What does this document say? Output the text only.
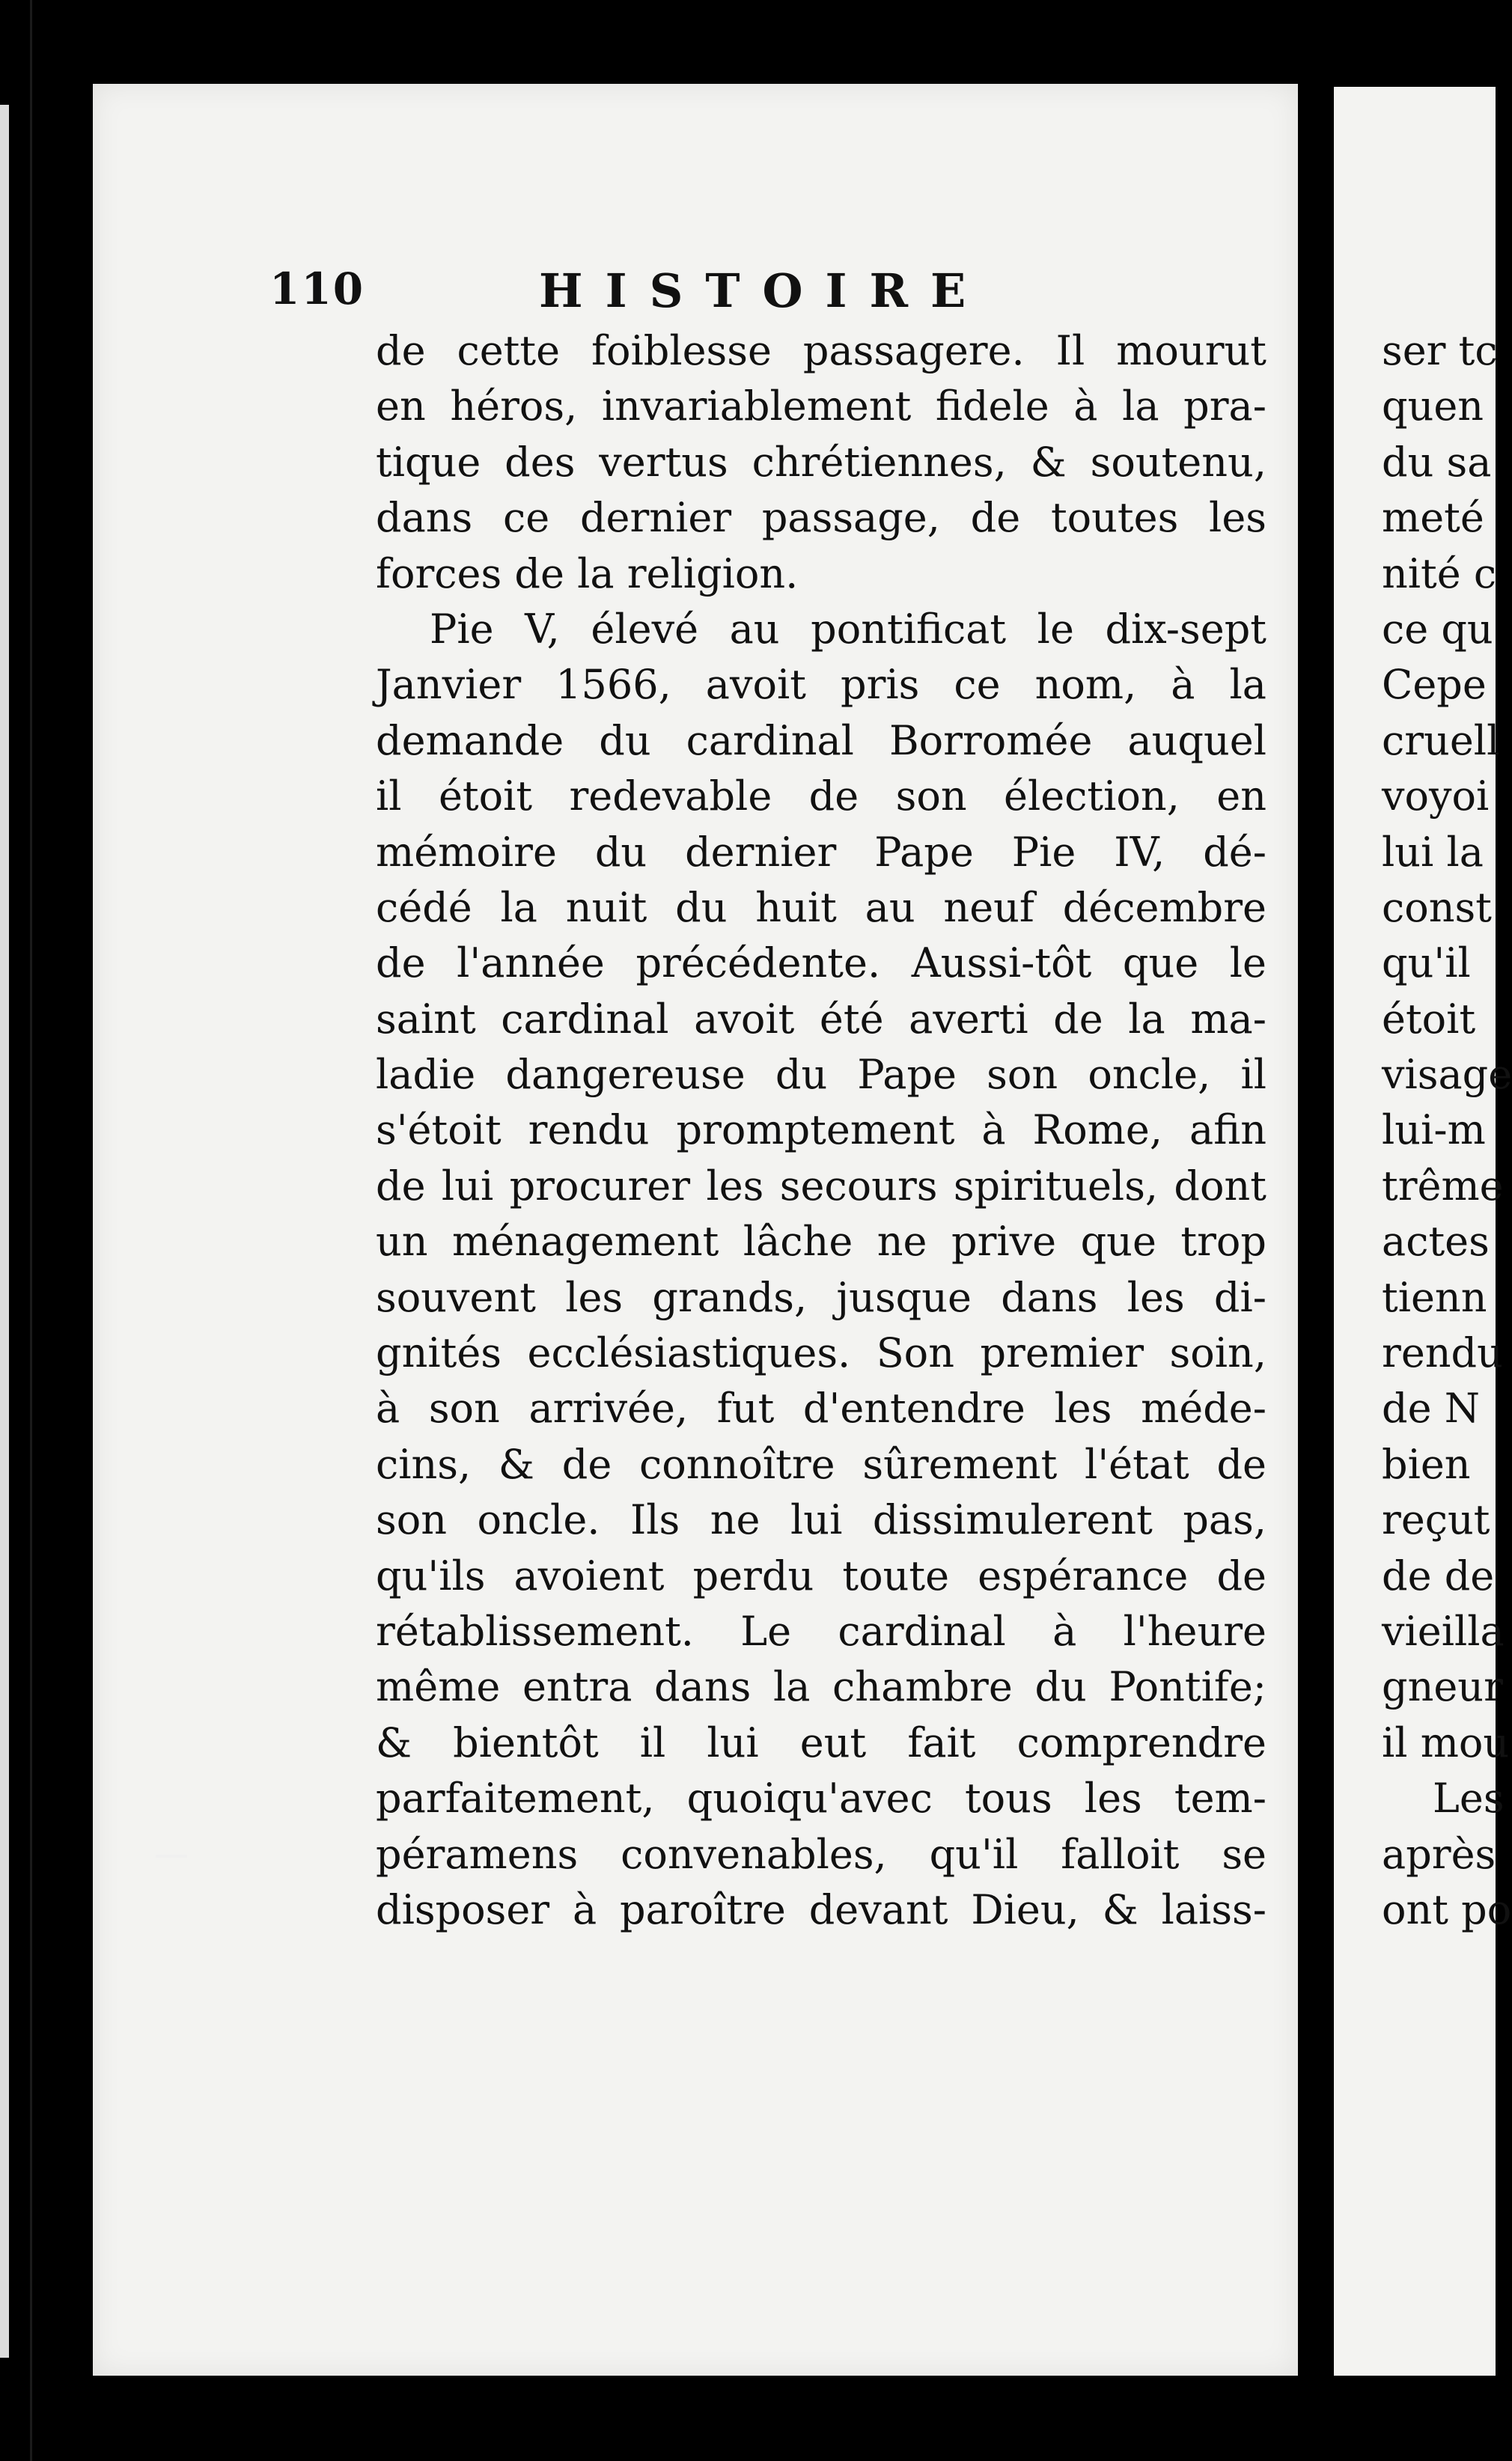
110	HISTOIRE
de cette foiblesse passagere. Il mourut
en héros, invariablement fidele à la pra-
tique des vertus chrétiennes, & soutenu,
dans ce dernier passage, de toutes les
forces de la religion.
Pie V, élevé au pontificat le dix-sept
Janvier 1566, avoit pris ce nom, à la
demande du cardinal Borromée auquel
il étoit redevable de son élection, en
mémoire du dernier Pape Pie IV, dé-
cédé la nuit du huit au neuf décembre
de l'année précédente. Aussi-tôt que le
saint cardinal avoit été averti de la ma-
ladie dangereuse du Pape son oncle, il
s'étoit rendu promptement à Rome, afin
de lui procurer les secours spirituels, dont
un ménagement lâche ne prive que trop
souvent les grands, jusque dans les di-
gnités ecclésiastiques. Son premier soin,
à son arrivée, fut d'entendre les méde-
cins, & de connoître sûrement l'état de
son oncle. Ils ne lui dissimulerent pas,
qu'ils avoient perdu toute espérance de
rétablissement. Le cardinal à l'heure
même entra dans la chambre du Pontife;
& bientôt il lui eut fait comprendre
parfaitement, quoiqu'avec tous les tem-
péramens convenables, qu'il falloit se
disposer à paroître devant Dieu, & laiss-
ser tc
quen
du sa
meté
nité c
ce qu
Cepe
cruell
voyoi
lui la
const
qu'il
étoit
visage
lui-m
trême
actes
tienn
rendu
de N
bien
reçut
de de
vieilla
gneur
il mou
Les
après
ont po
